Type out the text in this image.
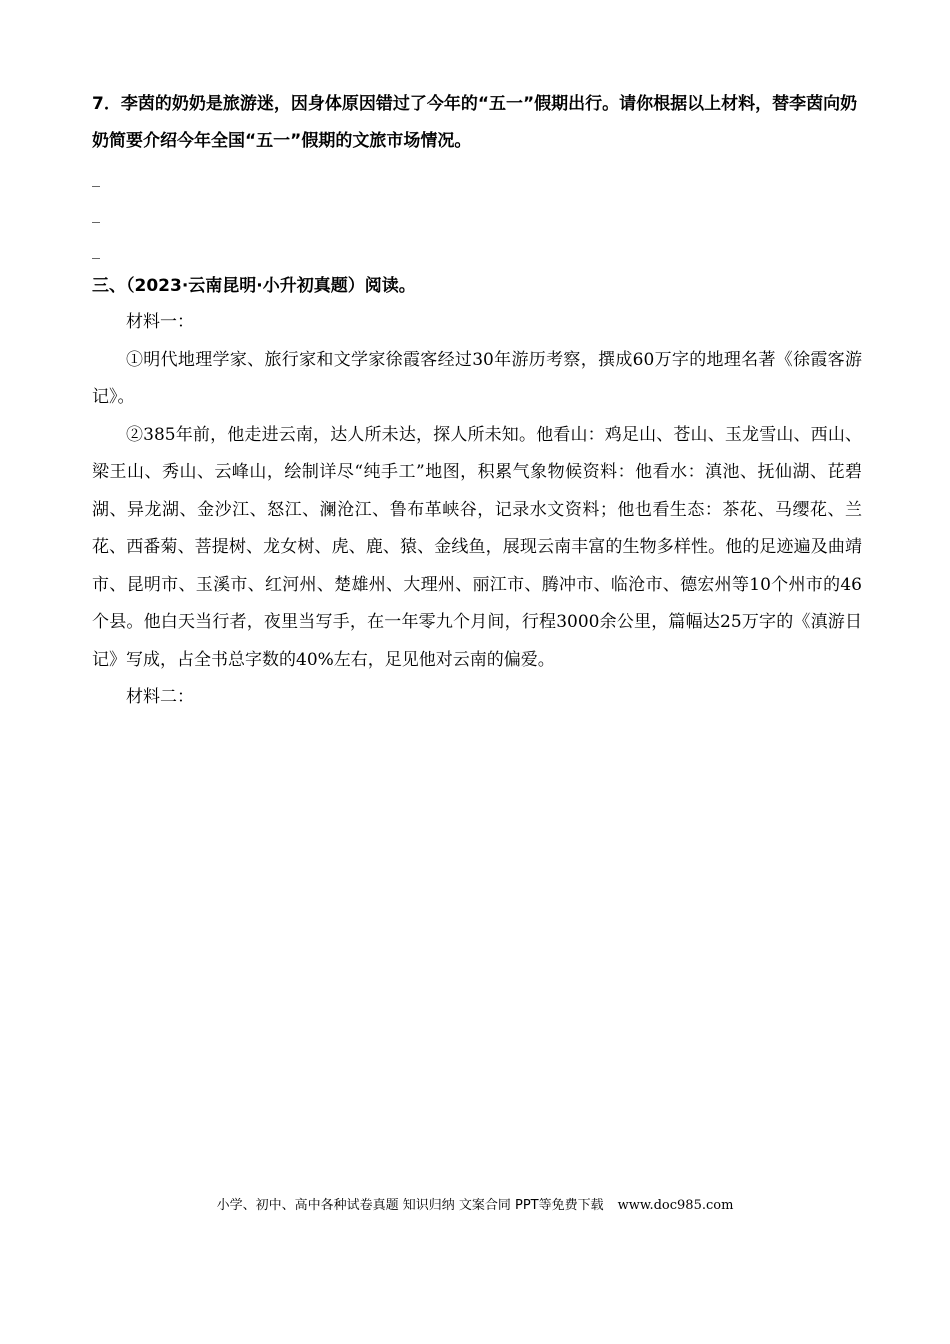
7．李茵的奶奶是旅游迷，因身体原因错过了今年的“五一”假期出行。请你根据以上材料，替李茵向奶奶简要介绍今年全国“五一”假期的文旅市场情况。

_

_

_

三、（2023·云南昆明·小升初真题）阅读。

材料一：

①明代地理学家、旅行家和文学家徐霞客经过30年游历考察，撰成60万字的地理名著《徐霞客游记》。

②385年前，他走进云南，达人所未达，探人所未知。他看山：鸡足山、苍山、玉龙雪山、西山、梁王山、秀山、云峰山，绘制详尽“纯手工”地图，积累气象物候资料：他看水：滇池、抚仙湖、芘碧湖、异龙湖、金沙江、怒江、澜沧江、鲁布革峡谷，记录水文资料；他也看生态：茶花、马缨花、兰花、西番菊、菩提树、龙女树、虎、鹿、猿、金线鱼，展现云南丰富的生物多样性。他的足迹遍及曲靖市、昆明市、玉溪市、红河州、楚雄州、大理州、丽江市、腾冲市、临沧市、德宏州等10个州市的46个县。他白天当行者，夜里当写手，在一年零九个月间，行程3000余公里，篇幅达25万字的《滇游日记》写成，占全书总字数的40%左右，足见他对云南的偏爱。

材料二：

小学、初中、高中各种试卷真题 知识归纳 文案合同 PPT等免费下载 www.doc985.com
